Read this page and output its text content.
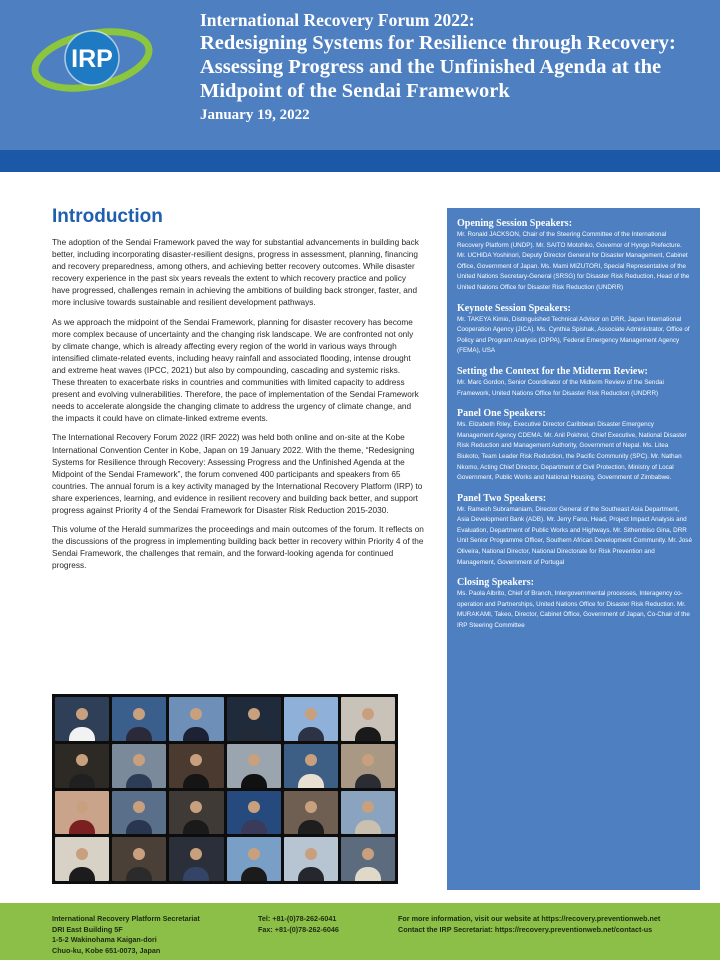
IRP
International Recovery Forum 2022:
Redesigning Systems for Resilience through Recovery: Assessing Progress and the Unfinished Agenda at the Midpoint of the Sendai Framework
January 19, 2022
Introduction

The adoption of the Sendai Framework paved the way for substantial advancements in building back better, including incorporating disaster-resilient designs, progress in assessment, planning, financing and recovery preparedness, among others, and achieving better recovery outcomes. While disaster recovery experience in the past six years reveals the extent to which recovery practice and policy have progressed, challenges remain in achieving the ambitions of building back stronger, faster, and more inclusive towards sustainable and resilient development pathways.

As we approach the midpoint of the Sendai Framework, planning for disaster recovery has become more complex because of uncertainty and the changing risk landscape. We are confronted not only by climate change, which is already affecting every region of the world in various ways through intensified climate-related events, including heavy rainfall and associated flooding, intense drought and extreme heat waves (IPCC, 2021) but also by compounding, cascading and systemic risks. These threaten to exacerbate risks in countries and communities with limited capacity to address present and evolving vulnerabilities. Therefore, the pace of implementation of the Sendai Framework needs to accelerate alongside the changing climate to address the urgency of climate change, and the impacts it could have on climate-linked extreme events.

The International Recovery Forum 2022 (IRF 2022) was held both online and on-site at the Kobe International Convention Center in Kobe, Japan on 19 January 2022. With the theme, “Redesigning Systems for Resilience through Recovery: Assessing Progress and the Unfinished Agenda at the Midpoint of the Sendai Framework”, the forum convened 400 participants and speakers from 65 countries. The annual forum is a key activity managed by the International Recovery Platform (IRP) to share experiences, learning, and evidence in resilient recovery and building back better, and support progress against Priority 4 of the Sendai Framework for Disaster Risk Reduction 2015-2030.

This volume of the Herald summarizes the proceedings and main outcomes of the forum. It reflects on the discussions of the progress in implementing building back better in recovery within Priority 4 of the Sendai Framework, the challenges that remain, and the forward-looking agenda for continued progress.

Opening Session Speakers:
Mr. Ronald JACKSON, Chair of the Steering Committee of the International Recovery Platform (UNDP). Mr. SAITO Motohiko, Governor of Hyogo Prefecture. Mr. UCHIDA Yoshinori, Deputy Director General for Disaster Management, Cabinet Office, Government of Japan. Ms. Mami MIZUTORI, Special Representative of the United Nations Secretary-General (SRSG) for Disaster Risk Reduction, Head of the United Nations Office for Disaster Risk Reduction (UNDRR)
Keynote Session Speakers:
Mr. TAKEYA Kimio, Distinguished Technical Advisor on DRR, Japan International Cooperation Agency (JICA). Ms. Cynthia Spishak, Associate Administrator, Office of Policy and Program Analysis (OPPA), Federal Emergency Management Agency (FEMA), USA
Setting the Context for the Midterm Review:
Mr. Marc Gordon, Senior Coordinator of the Midterm Review of the Sendai Framework, United Nations Office for Disaster Risk Reduction (UNDRR)
Panel One Speakers:
Ms. Elizabeth Riley, Executive Director Caribbean Disaster Emergency Management Agency CDEMA. Mr. Anil Pokhrel, Chief Executive, National Disaster Risk Reduction and Management Authority, Government of Nepal. Ms. Litea Biukoto, Team Leader Risk Reduction, the Pacific Community (SPC). Mr. Nathan Nkomo, Acting Chief Director, Department of Civil Protection, Ministry of Local Government, Public Works and National Housing, Government of Zimbabwe.
Panel Two Speakers:
Mr. Ramesh Subramaniam, Director General of the Southeast Asia Department, Asia Development Bank (ADB). Mr. Jerry Fano, Head, Project Impact Analysis and Evaluation, Department of Public Works and Highways. Mr. Sithembiso Gina, DRR Unit Senior Programme Officer, Southern African Development Community. Mr. José Oliveira, National Director, National Directorate for Risk Prevention and Management, Government of Portugal
Closing Speakers:
Ms. Paola Albrito, Chief of Branch, Intergovernmental processes, Interagency co-operation and Partnerships, United Nations Office for Disaster Risk Reduction. Mr. MURAKAMI, Takeo, Director, Cabinet Office, Government of Japan, Co-Chair of the IRP Steering Committee
International Recovery Platform Secretariat
DRI East Building 5F
1-5-2 Wakinohama Kaigan-dori
Chuo-ku, Kobe 651-0073, Japan
Tel: +81-(0)78-262-6041
Fax: +81-(0)78-262-6046
For more information, visit our website at https://recovery.preventionweb.net
Contact the IRP Secretariat: https://recovery.preventionweb.net/contact-us
